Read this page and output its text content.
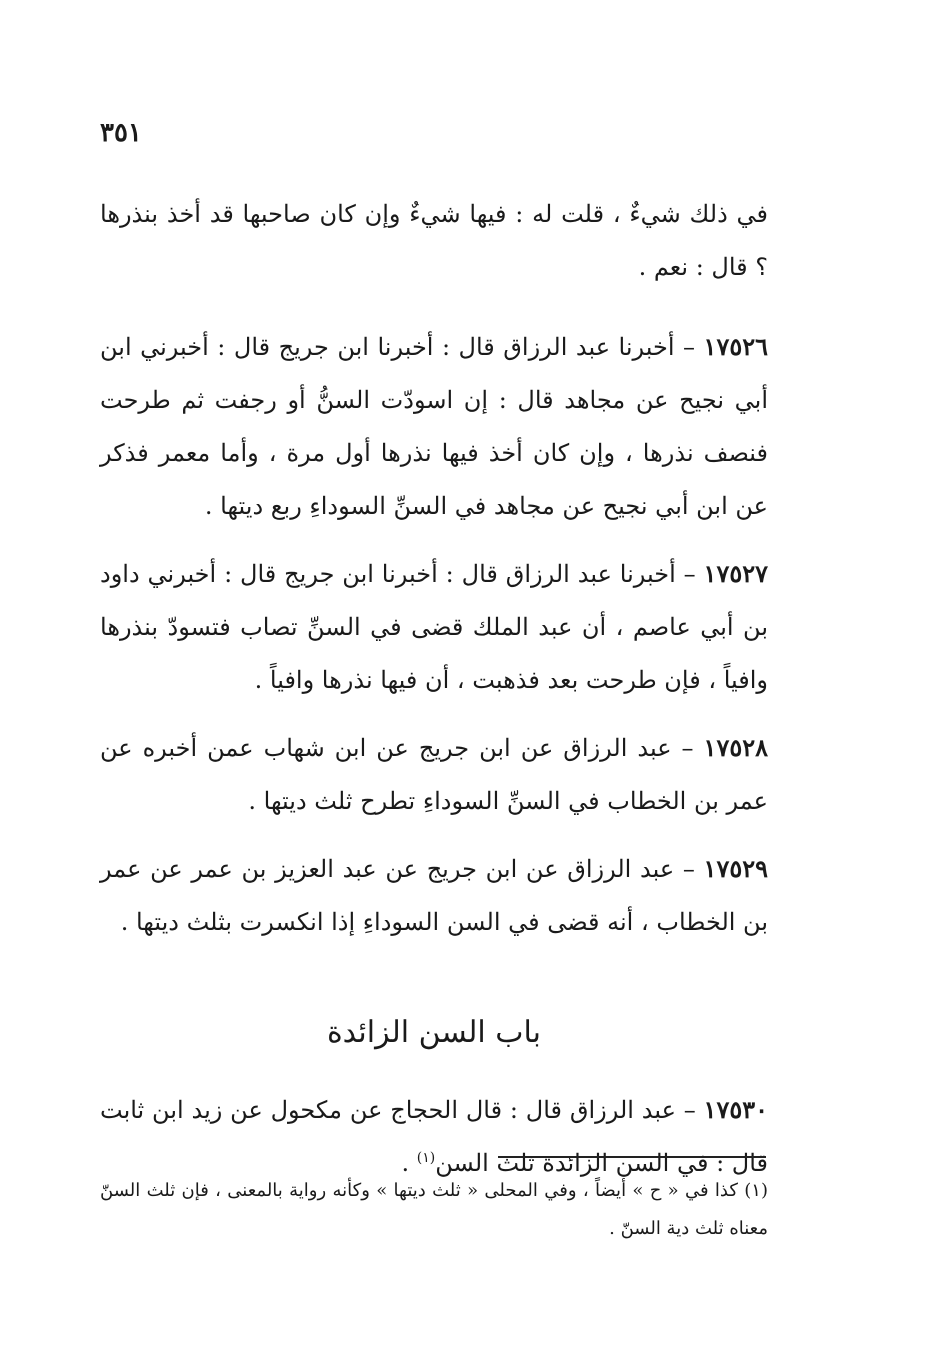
٣٥١

في ذلك شيءٌ ، قلت له : فيها شيءٌ وإن كان صاحبها قد أخذ بنذرها ؟ قال : نعم .

١٧٥٢٦ – أخبرنا عبد الرزاق قال : أخبرنا ابن جريج قال : أخبرني ابن أبي نجيح عن مجاهد قال : إن اسودّت السنُّ أو رجفت ثم طرحت فنصف نذرها ، وإن كان أخذ فيها نذرها أول مرة ، وأما معمر فذكر عن ابن أبي نجيح عن مجاهد في السنِّ السوداءِ ربع ديتها .

١٧٥٢٧ – أخبرنا عبد الرزاق قال : أخبرنا ابن جريج قال : أخبرني داود بن أبي عاصم ، أن عبد الملك قضى في السنِّ تصاب فتسودّ بنذرها وافياً ، فإن طرحت بعد فذهبت ، أن فيها نذرها وافياً .

١٧٥٢٨ – عبد الرزاق عن ابن جريج عن ابن شهاب عمن أخبره عن عمر بن الخطاب في السنِّ السوداءِ تطرح ثلث ديتها .

١٧٥٢٩ – عبد الرزاق عن ابن جريج عن عبد العزيز بن عمر عن عمر بن الخطاب ، أنه قضى في السن السوداءِ إذا انكسرت بثلث ديتها .

باب السن الزائدة

١٧٥٣٠ – عبد الرزاق قال : قال الحجاج عن مكحول عن زيد ابن ثابت قال : في السن الزائدة ثلث السن$^{(١)}$ .

(١) كذا في « ح » أيضاً ، وفي المحلى « ثلث ديتها » وكأنه رواية بالمعنى ، فإن ثلث السنّ معناه ثلث دية السنّ .
